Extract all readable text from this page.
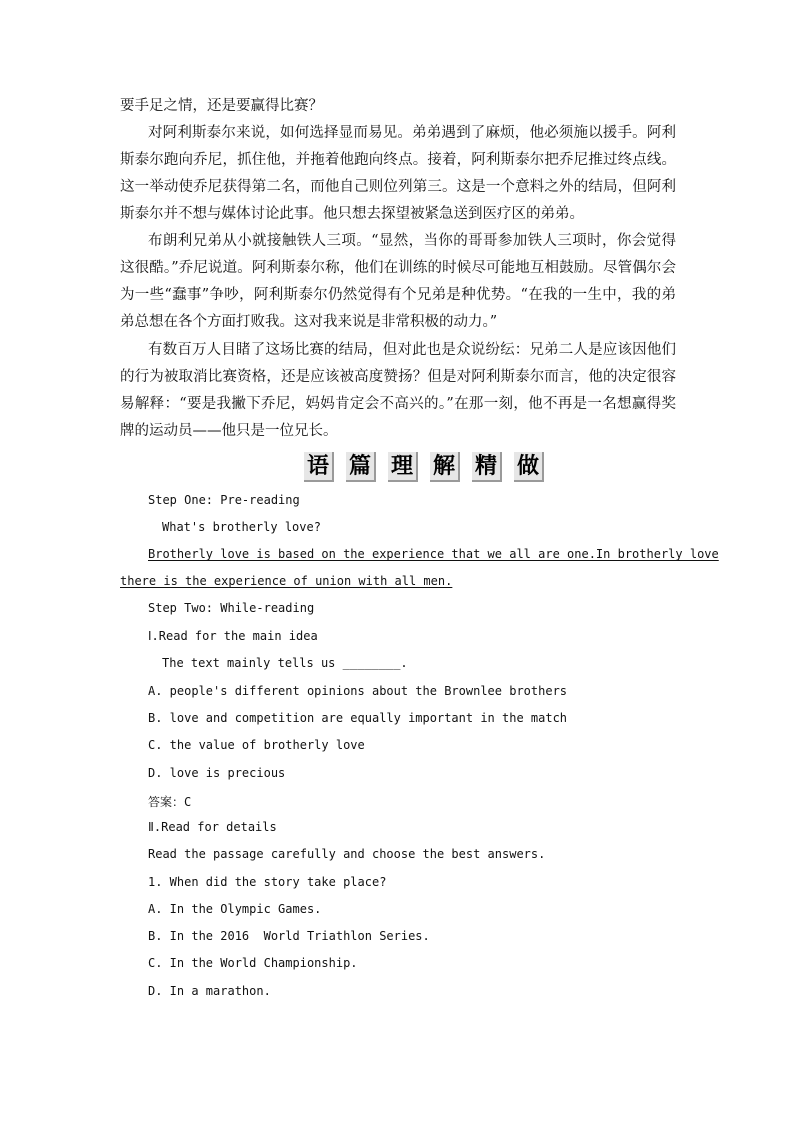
要手足之情，还是要赢得比赛？

对阿利斯泰尔来说，如何选择显而易见。弟弟遇到了麻烦，他必须施以援手。阿利斯泰尔跑向乔尼，抓住他，并拖着他跑向终点。接着，阿利斯泰尔把乔尼推过终点线。这一举动使乔尼获得第二名，而他自己则位列第三。这是一个意料之外的结局，但阿利斯泰尔并不想与媒体讨论此事。他只想去探望被紧急送到医疗区的弟弟。

布朗利兄弟从小就接触铁人三项。“显然，当你的哥哥参加铁人三项时，你会觉得这很酷。”乔尼说道。阿利斯泰尔称，他们在训练的时候尽可能地互相鼓励。尽管偶尔会为一些“蠢事”争吵，阿利斯泰尔仍然觉得有个兄弟是种优势。“在我的一生中，我的弟弟总想在各个方面打败我。这对我来说是非常积极的动力。”

有数百万人目睹了这场比赛的结局，但对此也是众说纷纭：兄弟二人是应该因他们的行为被取消比赛资格，还是应该被高度赞扬？但是对阿利斯泰尔而言，他的决定很容易解释：“要是我撇下乔尼，妈妈肯定会不高兴的。”在那一刻，他不再是一名想赢得奖牌的运动员——他只是一位兄长。

语 篇 理 解 精 做

Step One: Pre-reading

What's brotherly love?

Brotherly love is based on the experience that we all are one.In brotherly love

there is the experience of union with all men.

Step Two: While-reading

Ⅰ.Read for the main idea

The text mainly tells us ________.

A. people's different opinions about the Brownlee brothers

B. love and competition are equally important in the match

C. the value of brotherly love

D. love is precious

答案：C

Ⅱ.Read for details

Read the passage carefully and choose the best answers.

1. When did the story take place?

A. In the Olympic Games.

B. In the 2016  World Triathlon Series.

C. In the World Championship.

D. In a marathon.
